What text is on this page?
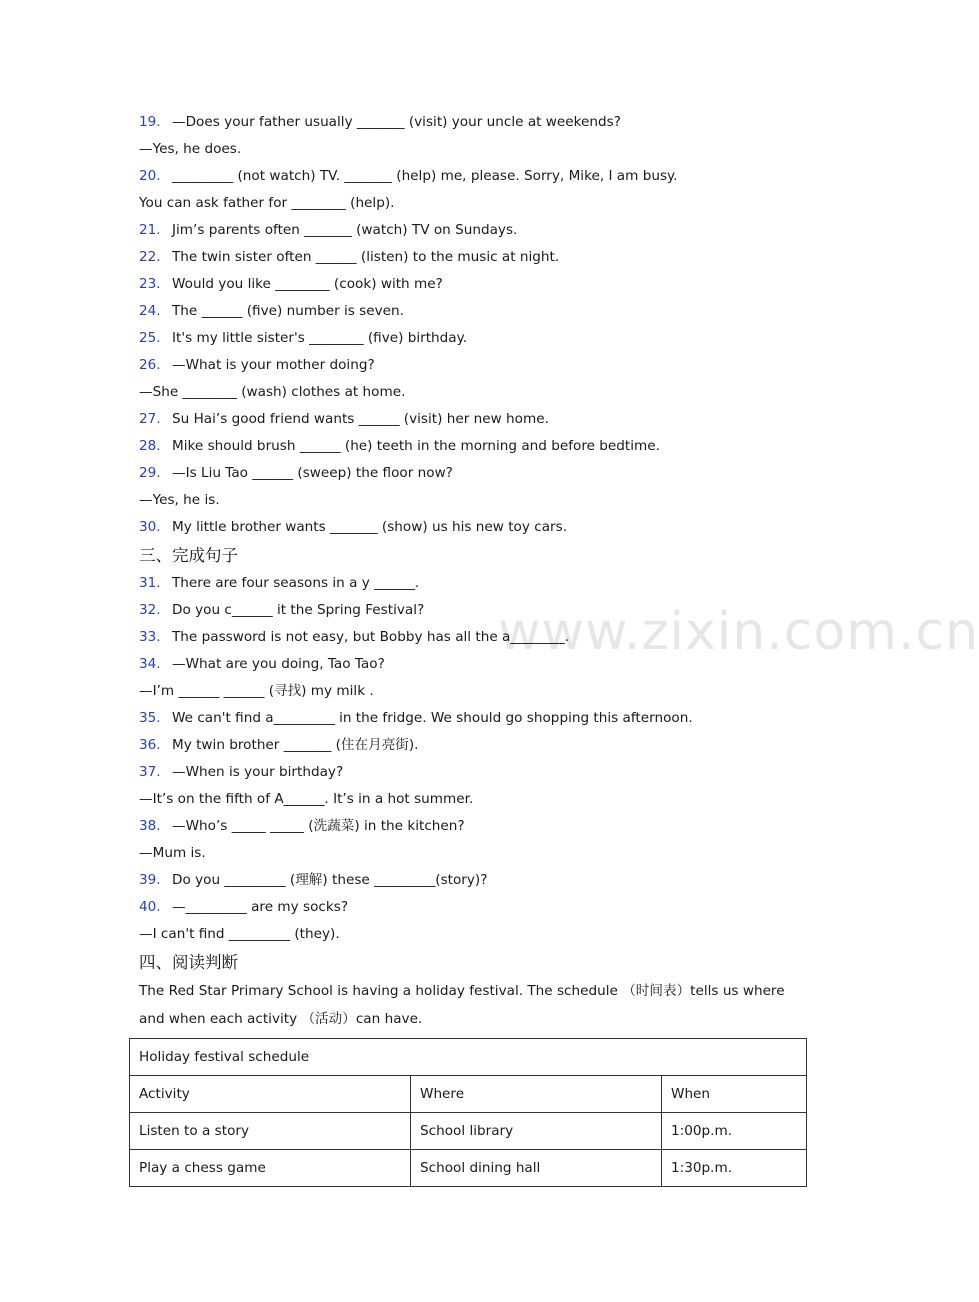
www.zixin.com.cn
19. —Does your father usually _______ (visit) your uncle at weekends?
—Yes, he does.
20. _________ (not watch) TV. _______ (help) me, please. Sorry, Mike, I am busy.
You can ask father for ________ (help).
21. Jim’s parents often _______ (watch) TV on Sundays.
22. The twin sister often ______ (listen) to the music at night.
23. Would you like ________ (cook) with me?
24. The ______ (five) number is seven.
25. It's my little sister's ________ (five) birthday.
26. —What is your mother doing?
—She ________ (wash) clothes at home.
27. Su Hai’s good friend wants ______ (visit) her new home.
28. Mike should brush ______ (he) teeth in the morning and before bedtime.
29. —Is Liu Tao ______ (sweep) the floor now?
—Yes, he is.
30. My little brother wants _______ (show) us his new toy cars.
三、完成句子
31. There are four seasons in a y ______.
32. Do you c______ it the Spring Festival?
33. The password is not easy, but Bobby has all the a________.
34. —What are you doing, Tao Tao?
—I’m ______ ______ (寻找) my milk .
35. We can't find a_________ in the fridge. We should go shopping this afternoon.
36. My twin brother _______ (住在月亮街).
37. —When is your birthday?
—It’s on the fifth of A______. It’s in a hot summer.
38. —Who’s _____ _____ (洗蔬菜) in the kitchen?
—Mum is.
39. Do you _________ (理解) these _________(story)?
40. —_________ are my socks?
—I can't find _________ (they).
四、阅读判断
The Red Star Primary School is having a holiday festival. The schedule （时间表）tells us where and when each activity （活动）can have.
Holiday festival schedule		
Activity	Where	When
Listen to a story	School library	1:00p.m.
Play a chess game	School dining hall	1:30p.m.
